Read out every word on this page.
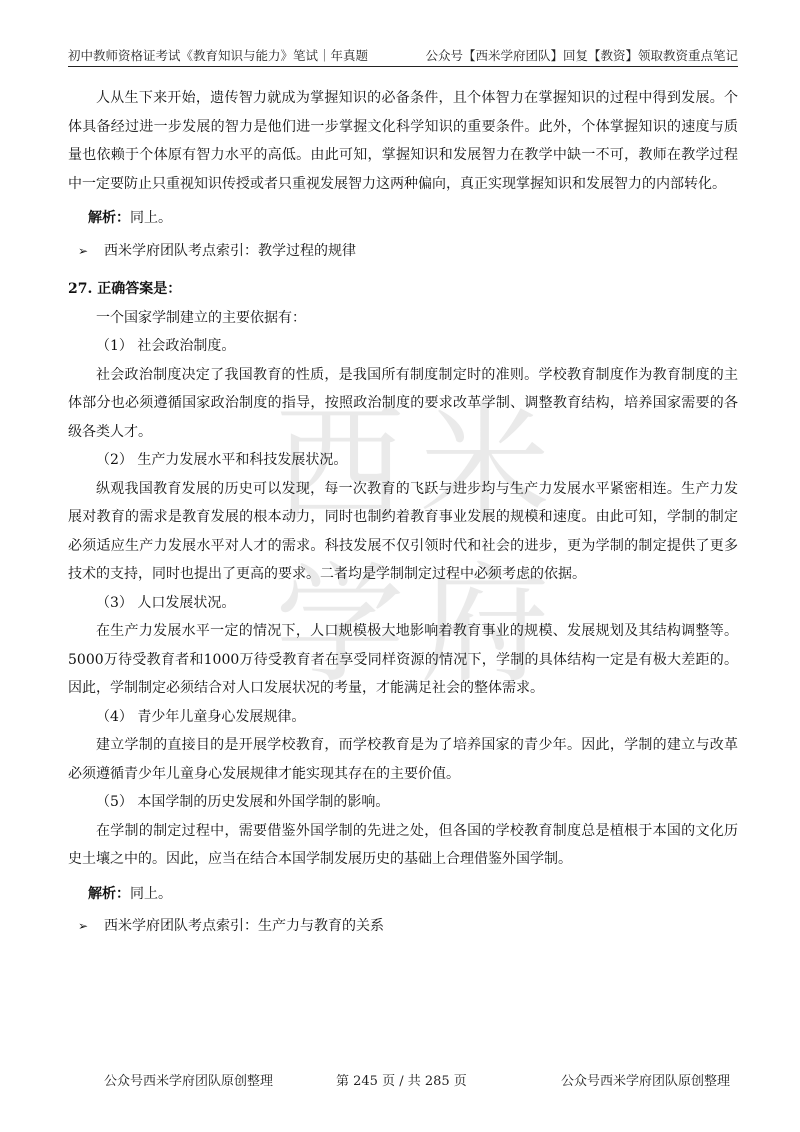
初中教师资格证考试《教育知识与能力》笔试｜年真题	公众号【西米学府团队】回复【教资】领取教资重点笔记
西 米
学 府

人从生下来开始，遗传智力就成为掌握知识的必备条件，且个体智力在掌握知识的过程中得到发展。个体具备经过进一步发展的智力是他们进一步掌握文化科学知识的重要条件。此外，个体掌握知识的速度与质量也依赖于个体原有智力水平的高低。由此可知，掌握知识和发展智力在教学中缺一不可，教师在教学过程中一定要防止只重视知识传授或者只重视发展智力这两种偏向，真正实现掌握知识和发展智力的内部转化。

解析：同上。

➢ 西米学府团队考点索引：教学过程的规律

27. 正确答案是：

一个国家学制建立的主要依据有：

（1） 社会政治制度。

社会政治制度决定了我国教育的性质，是我国所有制度制定时的准则。学校教育制度作为教育制度的主体部分也必须遵循国家政治制度的指导，按照政治制度的要求改革学制、调整教育结构，培养国家需要的各级各类人才。

（2） 生产力发展水平和科技发展状况。

纵观我国教育发展的历史可以发现，每一次教育的飞跃与进步均与生产力发展水平紧密相连。生产力发展对教育的需求是教育发展的根本动力，同时也制约着教育事业发展的规模和速度。由此可知，学制的制定必须适应生产力发展水平对人才的需求。科技发展不仅引领时代和社会的进步，更为学制的制定提供了更多技术的支持，同时也提出了更高的要求。二者均是学制制定过程中必须考虑的依据。

（3） 人口发展状况。

在生产力发展水平一定的情况下，人口规模极大地影响着教育事业的规模、发展规划及其结构调整等。5000万待受教育者和1000万待受教育者在享受同样资源的情况下，学制的具体结构一定是有极大差距的。因此，学制制定必须结合对人口发展状况的考量，才能满足社会的整体需求。

（4） 青少年儿童身心发展规律。

建立学制的直接目的是开展学校教育，而学校教育是为了培养国家的青少年。因此，学制的建立与改革必须遵循青少年儿童身心发展规律才能实现其存在的主要价值。

（5） 本国学制的历史发展和外国学制的影响。

在学制的制定过程中，需要借鉴外国学制的先进之处，但各国的学校教育制度总是植根于本国的文化历史土壤之中的。因此，应当在结合本国学制发展历史的基础上合理借鉴外国学制。

解析：同上。

➢ 西米学府团队考点索引：生产力与教育的关系

公众号西米学府团队原创整理	第 245 页 / 共 285 页	公众号西米学府团队原创整理
